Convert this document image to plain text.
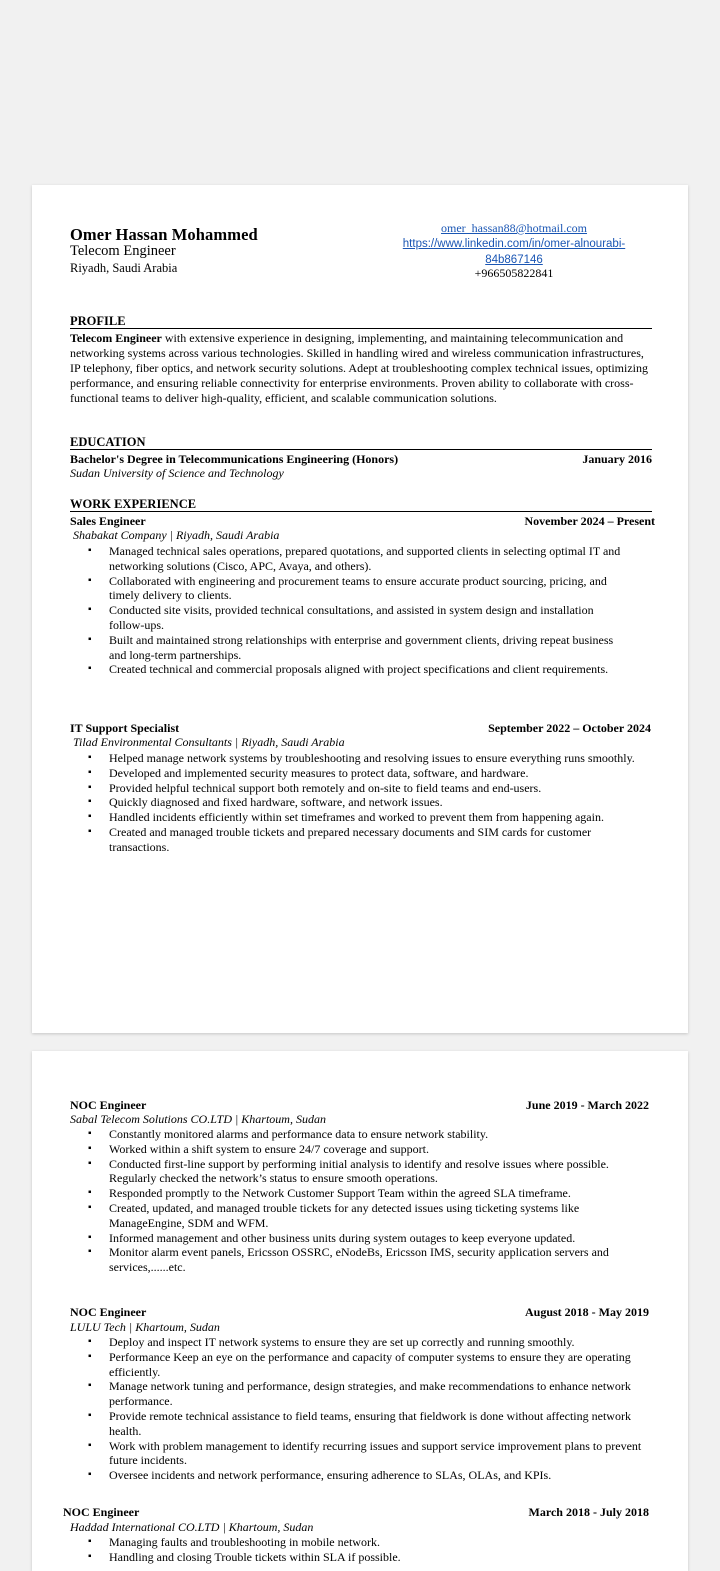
Omer Hassan Mohammed
Telecom Engineer
Riyadh, Saudi Arabia
omer_hassan88@hotmail.com
https://www.linkedin.com/in/omer-alnourabi-
84b867146
+966505822841
PROFILE
Telecom Engineer with extensive experience in designing, implementing, and maintaining telecommunication and networking systems across various technologies. Skilled in handling wired and wireless communication infrastructures, IP telephony, fiber optics, and network security solutions. Adept at troubleshooting complex technical issues, optimizing performance, and ensuring reliable connectivity for enterprise environments. Proven ability to collaborate with cross-functional teams to deliver high-quality, efficient, and scalable communication solutions.
EDUCATION
Bachelor's Degree in Telecommunications Engineering (Honors)	January 2016
Sudan University of Science and Technology
WORK EXPERIENCE
Sales Engineer	November 2024 – Present
Shabakat Company | Riyadh, Saudi Arabia
▪ Managed technical sales operations, prepared quotations, and supported clients in selecting optimal IT and networking solutions (Cisco, APC, Avaya, and others).
▪ Collaborated with engineering and procurement teams to ensure accurate product sourcing, pricing, and timely delivery to clients.
▪ Conducted site visits, provided technical consultations, and assisted in system design and installation follow-ups.
▪ Built and maintained strong relationships with enterprise and government clients, driving repeat business and long-term partnerships.
▪ Created technical and commercial proposals aligned with project specifications and client requirements.
IT Support Specialist	September 2022 – October 2024
Tilad Environmental Consultants | Riyadh, Saudi Arabia
▪ Helped manage network systems by troubleshooting and resolving issues to ensure everything runs smoothly.
▪ Developed and implemented security measures to protect data, software, and hardware.
▪ Provided helpful technical support both remotely and on-site to field teams and end-users.
▪ Quickly diagnosed and fixed hardware, software, and network issues.
▪ Handled incidents efficiently within set timeframes and worked to prevent them from happening again.
▪ Created and managed trouble tickets and prepared necessary documents and SIM cards for customer transactions.
NOC Engineer	June 2019 - March 2022
Sabal Telecom Solutions CO.LTD | Khartoum, Sudan
▪ Constantly monitored alarms and performance data to ensure network stability.
▪ Worked within a shift system to ensure 24/7 coverage and support.
▪ Conducted first-line support by performing initial analysis to identify and resolve issues where possible. Regularly checked the network’s status to ensure smooth operations.
▪ Responded promptly to the Network Customer Support Team within the agreed SLA timeframe.
▪ Created, updated, and managed trouble tickets for any detected issues using ticketing systems like ManageEngine, SDM and WFM.
▪ Informed management and other business units during system outages to keep everyone updated.
▪ Monitor alarm event panels, Ericsson OSSRC, eNodeBs, Ericsson IMS, security application servers and services,......etc.
NOC Engineer	August 2018 - May 2019
LULU Tech | Khartoum, Sudan
▪ Deploy and inspect IT network systems to ensure they are set up correctly and running smoothly.
▪ Performance Keep an eye on the performance and capacity of computer systems to ensure they are operating efficiently.
▪ Manage network tuning and performance, design strategies, and make recommendations to enhance network performance.
▪ Provide remote technical assistance to field teams, ensuring that fieldwork is done without affecting network health.
▪ Work with problem management to identify recurring issues and support service improvement plans to prevent future incidents.
▪ Oversee incidents and network performance, ensuring adherence to SLAs, OLAs, and KPIs.
NOC Engineer	March 2018 - July 2018
Haddad International CO.LTD | Khartoum, Sudan
▪ Managing faults and troubleshooting in mobile network.
▪ Handling and closing Trouble tickets within SLA if possible.
